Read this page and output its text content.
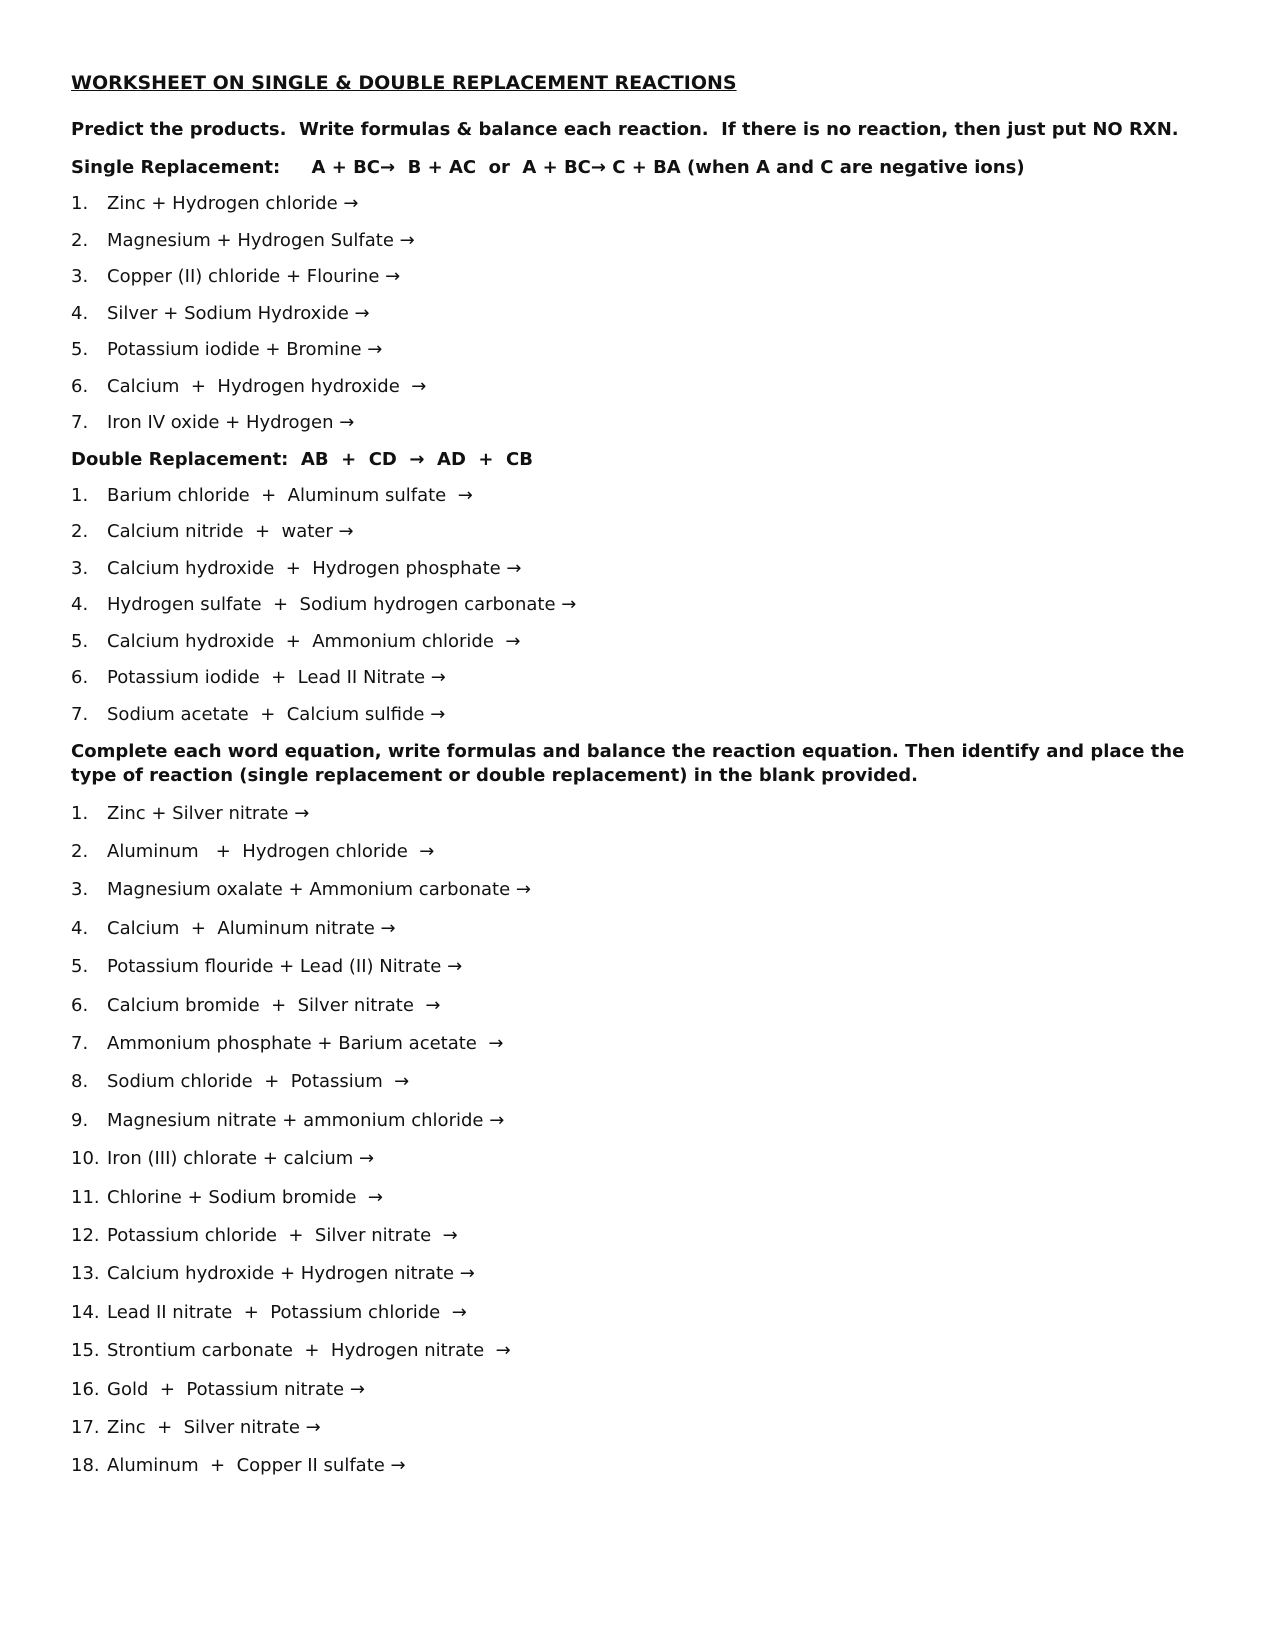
WORKSHEET ON SINGLE & DOUBLE REPLACEMENT REACTIONS
Predict the products.  Write formulas & balance each reaction.  If there is no reaction, then just put NO RXN.
Single Replacement:     A + BC→  B + AC  or  A + BC→ C + BA (when A and C are negative ions)
1.	Zinc + Hydrogen chloride →
2.	Magnesium + Hydrogen Sulfate →
3.	Copper (II) chloride + Flourine →
4.	Silver + Sodium Hydroxide →
5.	Potassium iodide + Bromine →
6.	Calcium  +  Hydrogen hydroxide  →
7.	Iron IV oxide + Hydrogen →
Double Replacement:  AB  +  CD  →  AD  +  CB
1.	Barium chloride  +  Aluminum sulfate  →
2.	Calcium nitride  +  water →
3.	Calcium hydroxide  +  Hydrogen phosphate →
4.	Hydrogen sulfate  +  Sodium hydrogen carbonate →
5.	Calcium hydroxide  +  Ammonium chloride  →
6.	Potassium iodide  +  Lead II Nitrate →
7.	Sodium acetate  +  Calcium sulfide →
Complete each word equation, write formulas and balance the reaction equation. Then identify and place the type of reaction (single replacement or double replacement) in the blank provided.
1.	Zinc + Silver nitrate →
2.	Aluminum   +  Hydrogen chloride  →
3.	Magnesium oxalate + Ammonium carbonate →
4.	Calcium  +  Aluminum nitrate →
5.	Potassium flouride + Lead (II) Nitrate →
6.	Calcium bromide  +  Silver nitrate  →
7.	Ammonium phosphate + Barium acetate  →
8.	Sodium chloride  +  Potassium  →
9.	Magnesium nitrate + ammonium chloride →
10. Iron (III) chlorate + calcium →
11. Chlorine + Sodium bromide  →
12. Potassium chloride  +  Silver nitrate  →
13. Calcium hydroxide + Hydrogen nitrate →
14. Lead II nitrate  +  Potassium chloride  →
15. Strontium carbonate  +  Hydrogen nitrate  →
16. Gold  +  Potassium nitrate →
17. Zinc  +  Silver nitrate →
18. Aluminum  +  Copper II sulfate →
